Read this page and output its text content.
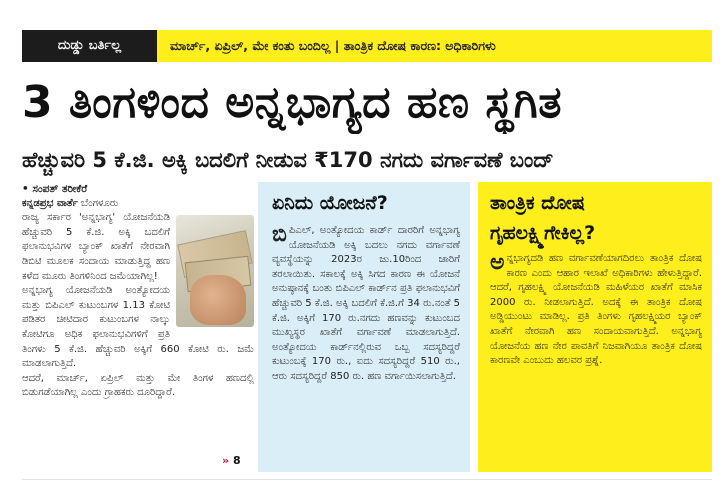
ದುಡ್ಡು ಬರ್ತಿಲ್ಲ	ಮಾರ್ಚ್, ಏಪ್ರಿಲ್, ಮೇ ಕಂತು ಬಂದಿಲ್ಲ | ತಾಂತ್ರಿಕ ದೋಷ ಕಾರಣ: ಅಧಿಕಾರಿಗಳು
3 ತಿಂಗಳಿಂದ ಅನ್ನಭಾಗ್ಯದ ಹಣ ಸ್ಥಗಿತ
ಹೆಚ್ಚುವರಿ 5 ಕೆ.ಜಿ. ಅಕ್ಕಿ ಬದಲಿಗೆ ನೀಡುವ ₹170 ನಗದು ವರ್ಗಾವಣೆ ಬಂದ್
• ಸಂಪತ್ ತರೀಕೆರೆ
ಕನ್ನಡಪ್ರಭ ವಾರ್ತೆ ಬೆಂಗಳೂರು

ರಾಜ್ಯ ಸರ್ಕಾರ 'ಅನ್ನಭಾಗ್ಯ' ಯೋಜನೆಯಡಿ ಹೆಚ್ಚುವರಿ 5 ಕೆ.ಜಿ. ಅಕ್ಕಿ ಬದಲಿಗೆ ಫಲಾನುಭವಿಗಳ ಬ್ಯಾಂಕ್ ಖಾತೆಗೆ ನೇರವಾಗಿ ಡಿಬಿಟಿ ಮೂಲಕ ಸಂದಾಯ ಮಾಡುತ್ತಿದ್ದ ಹಣ ಕಳೆದ ಮೂರು ತಿಂಗಳಿನಿಂದ ಜಮೆಯಾಗಿಲ್ಲ!

ಅನ್ನಭಾಗ್ಯ ಯೋಜನೆಯಡಿ ಅಂತ್ಯೋದಯ ಮತ್ತು ಬಿಪಿಎಲ್ ಕುಟುಂಬಗಳ 1.13 ಕೋಟಿ ಪಡಿತರ ಚೀಟಿದಾರ ಕುಟುಂಬಗಳ ನಾಲ್ಕು ಕೋಟಿಗೂ ಅಧಿಕ ಫಲಾನುಭವಿಗಳಿಗೆ ಪ್ರತಿ ತಿಂಗಳು 5 ಕೆ.ಜಿ. ಹೆಚ್ಚುವರಿ ಅಕ್ಕಿಗೆ 660 ಕೋಟಿ ರು. ಜಮೆ ಮಾಡಲಾಗುತ್ತಿದೆ.

ಆದರೆ, ಮಾರ್ಚ್, ಏಪ್ರಿಲ್ ಮತ್ತು ಮೇ ತಿಂಗಳ ಹಣದಲ್ಲಿ ಬಿಡುಗಡೆಯಾಗಿಲ್ಲ ಎಂದು ಗ್ರಾಹಕರು ದೂರಿದ್ದಾರೆ.

» 8
ಏನಿದು ಯೋಜನೆ?
ಬಿಪಿಎಲ್, ಅಂತ್ಯೋದಯ ಕಾರ್ಡ್ ದಾರರಿಗೆ ಅನ್ನಭಾಗ್ಯ ಯೋಜನೆಯಡಿ ಅಕ್ಕಿ ಬದಲು ನಗದು ವರ್ಗಾವಣೆ ವ್ಯವಸ್ಥೆಯನ್ನು 2023ರ ಜು.10ರಿಂದ ಜಾರಿಗೆ ತರಲಾಯಿತು. ಸಕಾಲಕ್ಕೆ ಅಕ್ಕಿ ಸಿಗದ ಕಾರಣ ಈ ಯೋಜನೆ ಅನುಷ್ಠಾನಕ್ಕೆ ಬಂತು ಬಿಪಿಎಲ್ ಕಾರ್ಡ್‌ನ ಪ್ರತಿ ಫಲಾನುಭವಿಗೆ ಹೆಚ್ಚುವರಿ 5 ಕೆ.ಜಿ. ಅಕ್ಕಿ ಬದಲಿಗೆ ಕೆ.ಜಿ.ಗೆ 34 ರು.ನಂತೆ 5 ಕೆ.ಜಿ. ಅಕ್ಕಿಗೆ 170 ರು.ನಗದು ಹಣವನ್ನು ಕುಟುಂಬದ ಮುಖ್ಯಸ್ಥರ ಖಾತೆಗೆ ವರ್ಗಾವಣೆ ಮಾಡಲಾಗುತ್ತಿದೆ. ಅಂತ್ಯೋದಯ ಕಾರ್ಡ್‌ನಲ್ಲಿರುವ ಒಬ್ಬ ಸದಸ್ಯರಿದ್ದರೆ ಕುಟುಂಬಕ್ಕೆ 170 ರು., ಐದು ಸದಸ್ಯರಿದ್ದರೆ 510 ರು., ಆರು ಸದಸ್ಯರಿದ್ದರೆ 850 ರು. ಹಣ ವರ್ಗಾಯಿಸಲಾಗುತ್ತಿದೆ.
ತಾಂತ್ರಿಕ ದೋಷ
ಗೃಹಲಕ್ಷ್ಮಿಗೇಕಿಲ್ಲ?
ಅನ್ನಭಾಗ್ಯದಡಿ ಹಣ ವರ್ಗಾವಣೆಯಾಗದಿರಲು ತಾಂತ್ರಿಕ ದೋಷ ಕಾರಣ ಎಂದು ಆಹಾರ ಇಲಾಖೆ ಅಧಿಕಾರಿಗಳು ಹೇಳುತ್ತಿದ್ದಾರೆ. ಆದರೆ, ಗೃಹಲಕ್ಷ್ಮಿ ಯೋಜನೆಯಡಿ ಮಹಿಳೆಯರ ಖಾತೆಗೆ ಮಾಸಿಕ 2000 ರು. ನೀಡಲಾಗುತ್ತಿದೆ. ಅದಕ್ಕೆ ಈ ತಾಂತ್ರಿಕ ದೋಷ ಅಡ್ಡಿಯುಂಟು ಮಾಡಿಲ್ಲ. ಪ್ರತಿ ತಿಂಗಳು ಗೃಹಲಕ್ಷ್ಮಿಯರ ಬ್ಯಾಂಕ್ ಖಾತೆಗೆ ನೇರವಾಗಿ ಹಣ ಸಂದಾಯವಾಗುತ್ತಿದೆ. ಅನ್ನಭಾಗ್ಯ ಯೋಜನೆಯ ಹಣ ನೇರ ಪಾವತಿಗೆ ನಿಜವಾಗಿಯೂ ತಾಂತ್ರಿಕ ದೋಷ ಕಾರಣವೇ ಎಂಬುದು ಹಲವರ ಪ್ರಶ್ನೆ.
